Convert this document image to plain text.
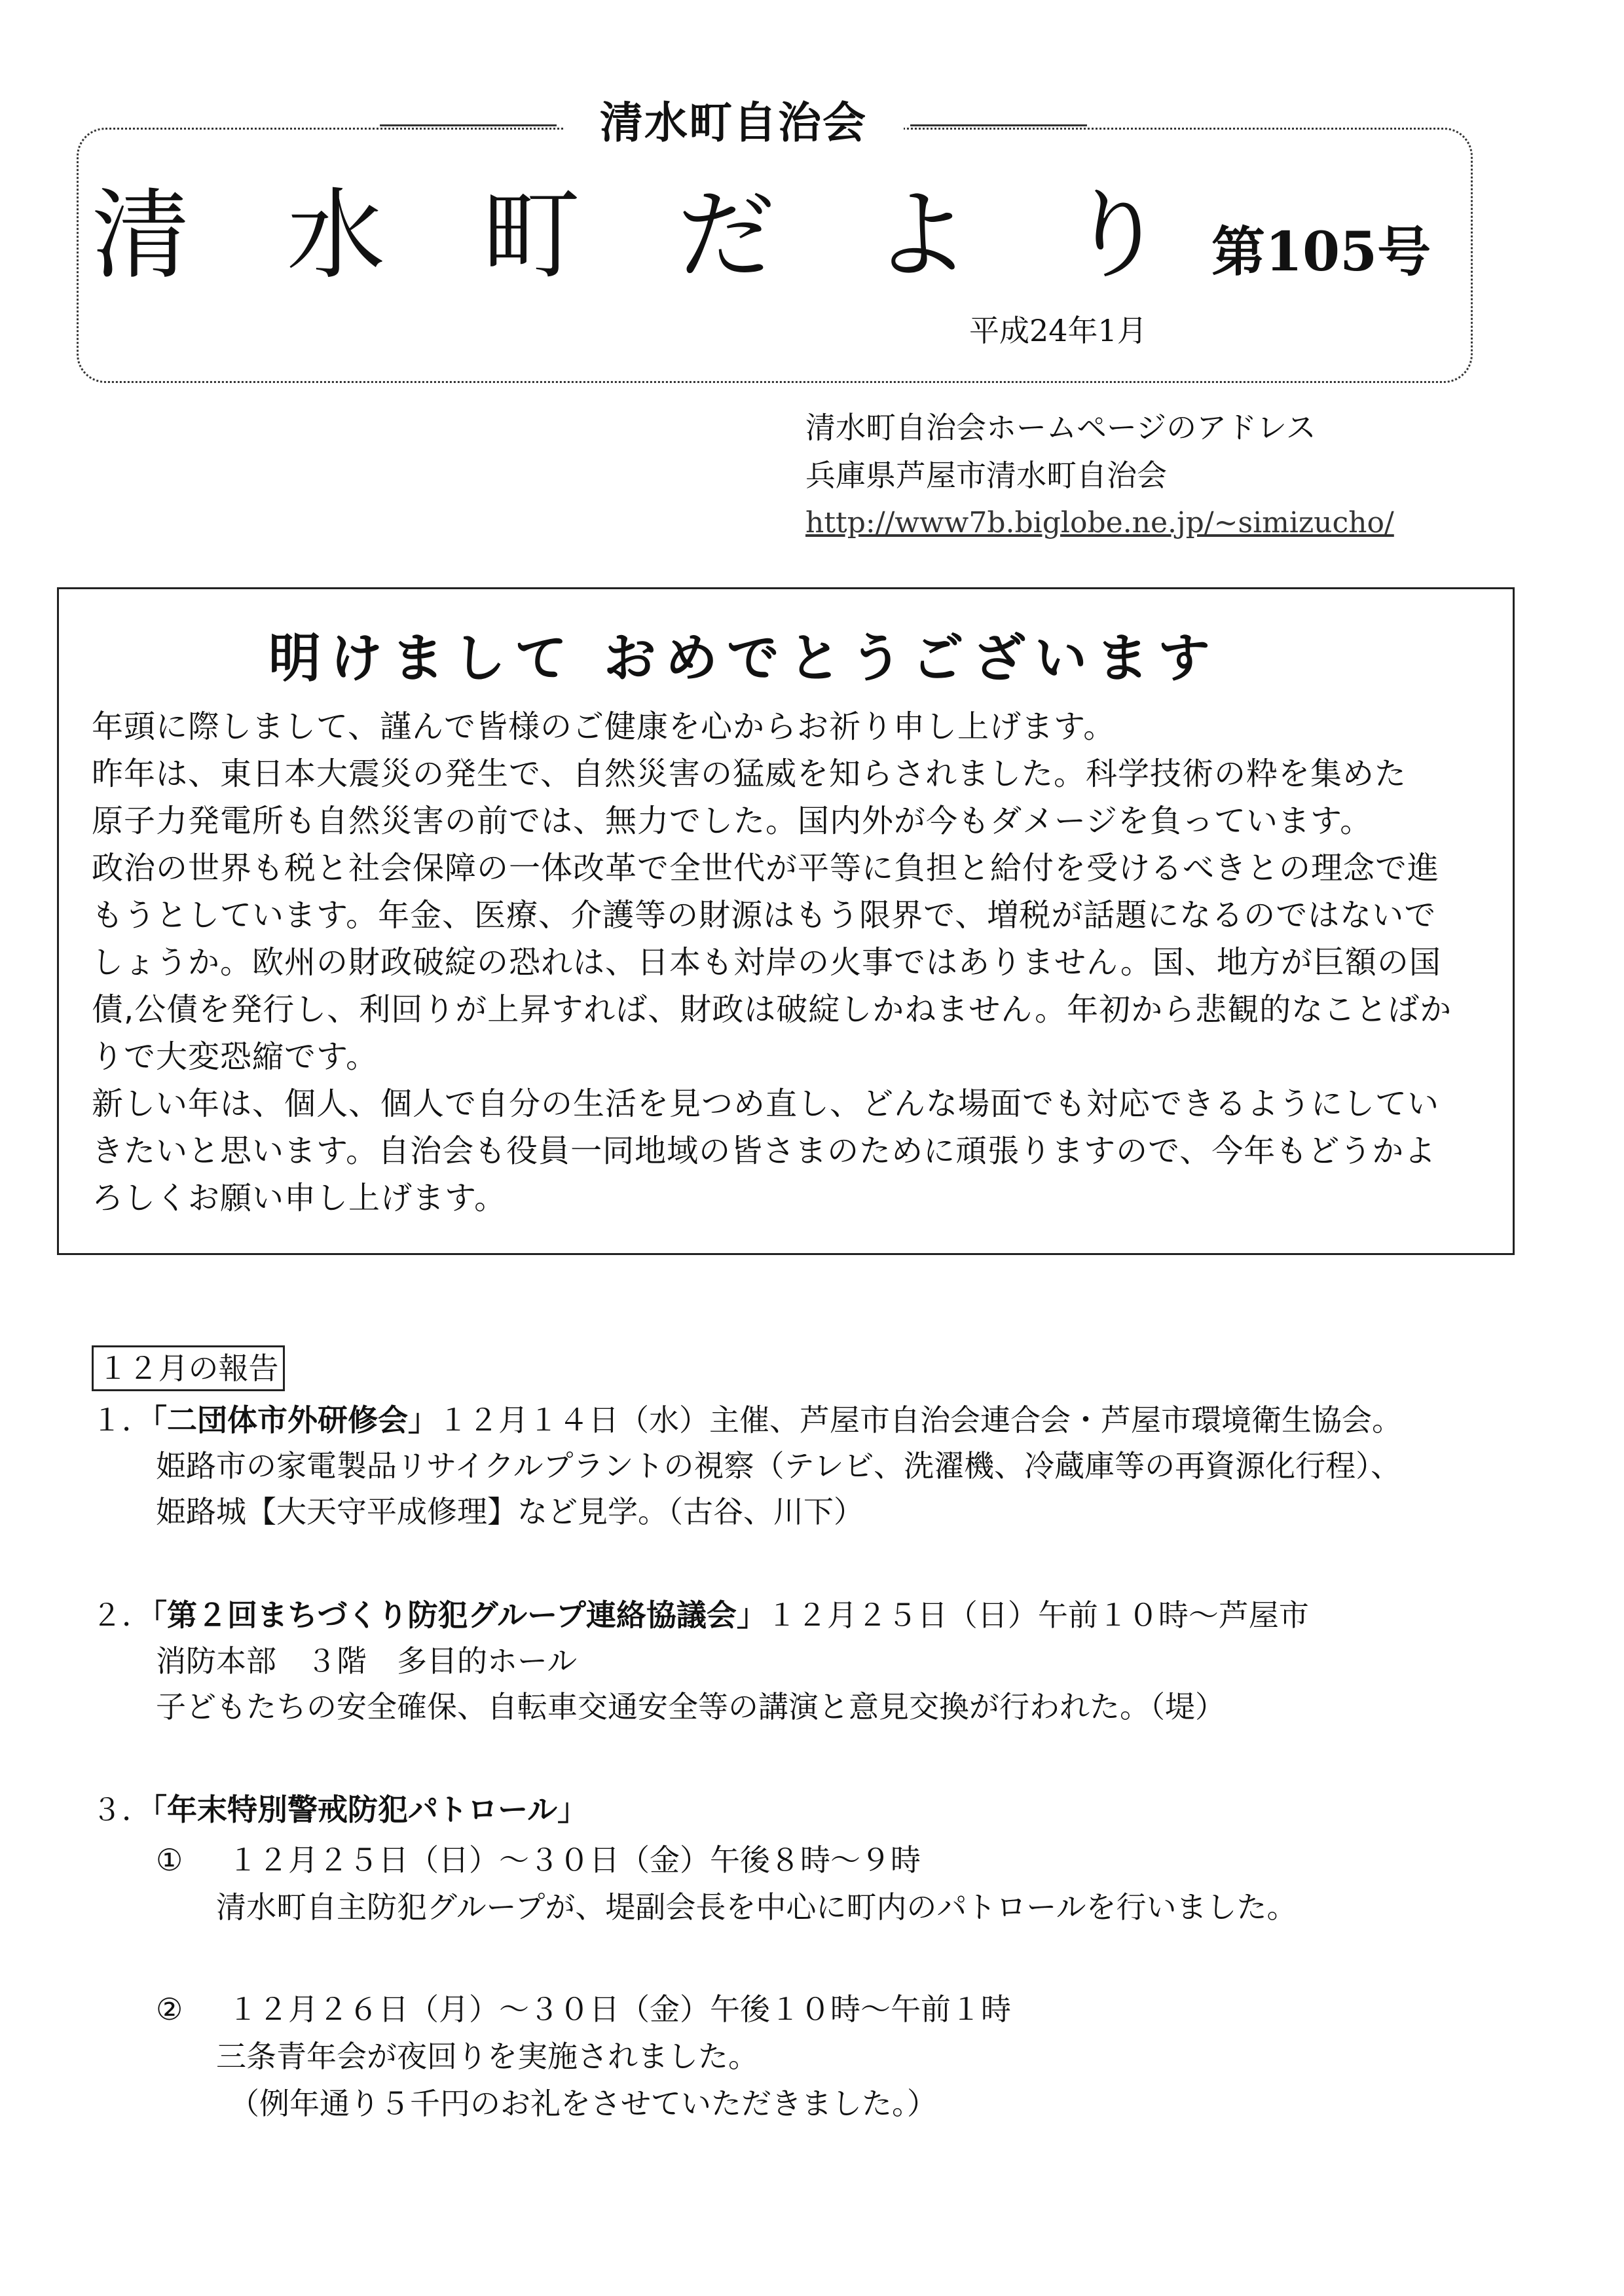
清水町自治会
清水町だより
第105号
平成24年1月
清水町自治会ホームページのアドレス
兵庫県芦屋市清水町自治会
http://www7b.biglobe.ne.jp/~simizucho/
明けまして おめでとうございます
年頭に際しまして、謹んで皆様のご健康を心からお祈り申し上げます。
昨年は、東日本大震災の発生で、自然災害の猛威を知らされました。科学技術の粋を集めた
原子力発電所も自然災害の前では、無力でした。国内外が今もダメージを負っています。
政治の世界も税と社会保障の一体改革で全世代が平等に負担と給付を受けるべきとの理念で進
もうとしています。年金、医療、介護等の財源はもう限界で、増税が話題になるのではないで
しょうか。欧州の財政破綻の恐れは、日本も対岸の火事ではありません。国、地方が巨額の国
債,公債を発行し、利回りが上昇すれば、財政は破綻しかねません。年初から悲観的なことばか
りで大変恐縮です。
新しい年は、個人、個人で自分の生活を見つめ直し、どんな場面でも対応できるようにしてい
きたいと思います。自治会も役員一同地域の皆さまのために頑張りますので、今年もどうかよ
ろしくお願い申し上げます。
１２月の報告
１．「二団体市外研修会」１２月１４日（水）主催、芦屋市自治会連合会・芦屋市環境衛生協会。
姫路市の家電製品リサイクルプラントの視察（テレビ、洗濯機、冷蔵庫等の再資源化行程）、
姫路城【大天守平成修理】など見学。（古谷、川下）
２．「第２回まちづくり防犯グループ連絡協議会」１２月２５日（日）午前１０時～芦屋市
消防本部　３階　多目的ホール
子どもたちの安全確保、自転車交通安全等の講演と意見交換が行われた。（堤）
３．「年末特別警戒防犯パトロール」
① １２月２５日（日）～３０日（金）午後８時～９時
清水町自主防犯グループが、堤副会長を中心に町内のパトロールを行いました。
② １２月２６日（月）～３０日（金）午後１０時～午前１時
三条青年会が夜回りを実施されました。
（例年通り５千円のお礼をさせていただきました。）
